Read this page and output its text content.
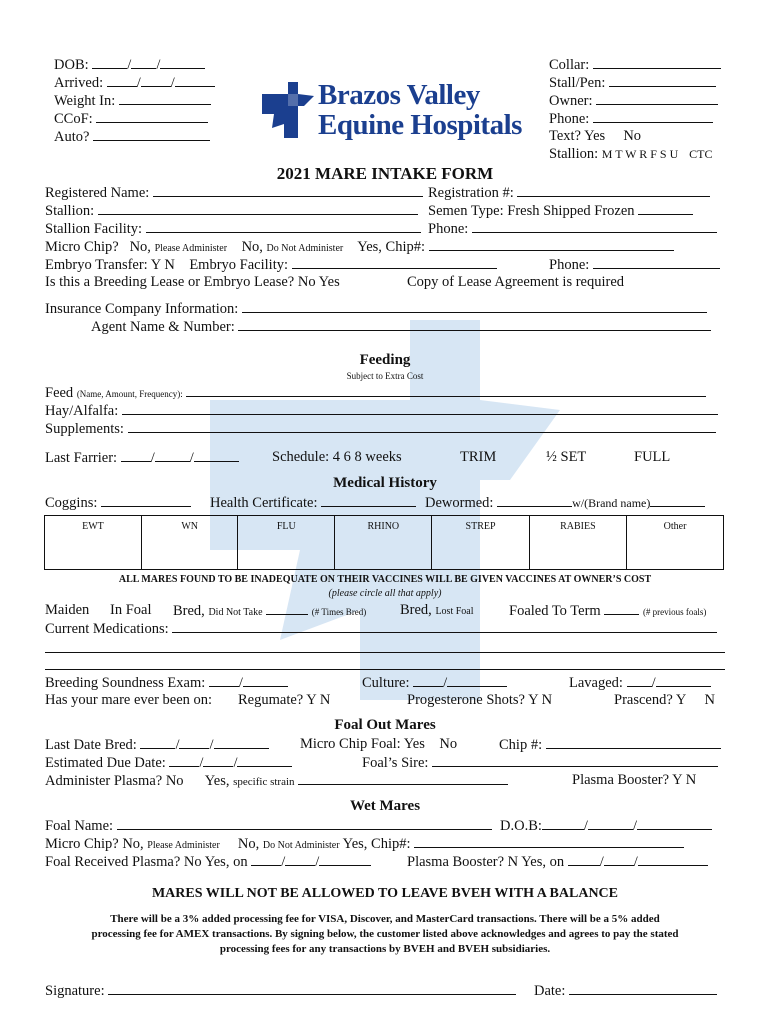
DOB:	/ /
Arrived: / /
Weight In:
CCoF:
Auto?
Brazos Valley
Equine Hospitals
Collar:
Stall/Pen:
Owner:
Phone:
Text? Yes No
Stallion: M T W R F S U CTC
2021 MARE INTAKE FORM
Registered Name:	Registration #:
Stallion:	Semen Type: Fresh Shipped Frozen
Stallion Facility:	Phone:
Micro Chip? No, Please Administer No, Do Not Administer Yes, Chip#:
Embryo Transfer: Y N Embryo Facility:	Phone:
Is this a Breeding Lease or Embryo Lease? No Yes	Copy of Lease Agreement is required
Insurance Company Information:
Agent Name & Number:
Feeding
Subject to Extra Cost
Feed (Name, Amount, Frequency):
Hay/Alfalfa:
Supplements:
Last Farrier: / /	Schedule: 4 6 8 weeks	TRIM	½ SET	FULL
Medical History
Coggins:	Health Certificate:	Dewormed:	w/(Brand name)
EWT	WN	FLU	RHINO	STREP	RABIES	Other
ALL MARES FOUND TO BE INADEQUATE ON THEIR VACCINES WILL BE GIVEN VACCINES AT OWNER’S COST
(please circle all that apply)
Maiden In Foal Bred, Did Not Take	(# Times Bred) Bred, Lost Foal Foaled To Term	(# previous foals)
Current Medications:
Breeding Soundness Exam: /	Culture: /	Lavaged: /
Has your mare ever been on: Regumate? Y N	Progesterone Shots? Y N	Prascend? Y N
Foal Out Mares
Last Date Bred:	/ /	Micro Chip Foal: Yes No	Chip #:
Estimated Due Date: / /	Foal’s Sire:
Administer Plasma? No Yes, specific strain	Plasma Booster? Y N
Wet Mares
Foal Name:	D.O.B:	/	/
Micro Chip? No, Please Administer No, Do Not Administer Yes, Chip#:
Foal Received Plasma? No Yes, on / /	Plasma Booster? N Yes, on / /
MARES WILL NOT BE ALLOWED TO LEAVE BVEH WITH A BALANCE
There will be a 3% added processing fee for VISA, Discover, and MasterCard transactions. There will be a 5% added
processing fee for AMEX transactions. By signing below, the customer listed above acknowledges and agrees to pay the stated
processing fees for any transactions by BVEH and BVEH subsidiaries.
Signature:	Date:
